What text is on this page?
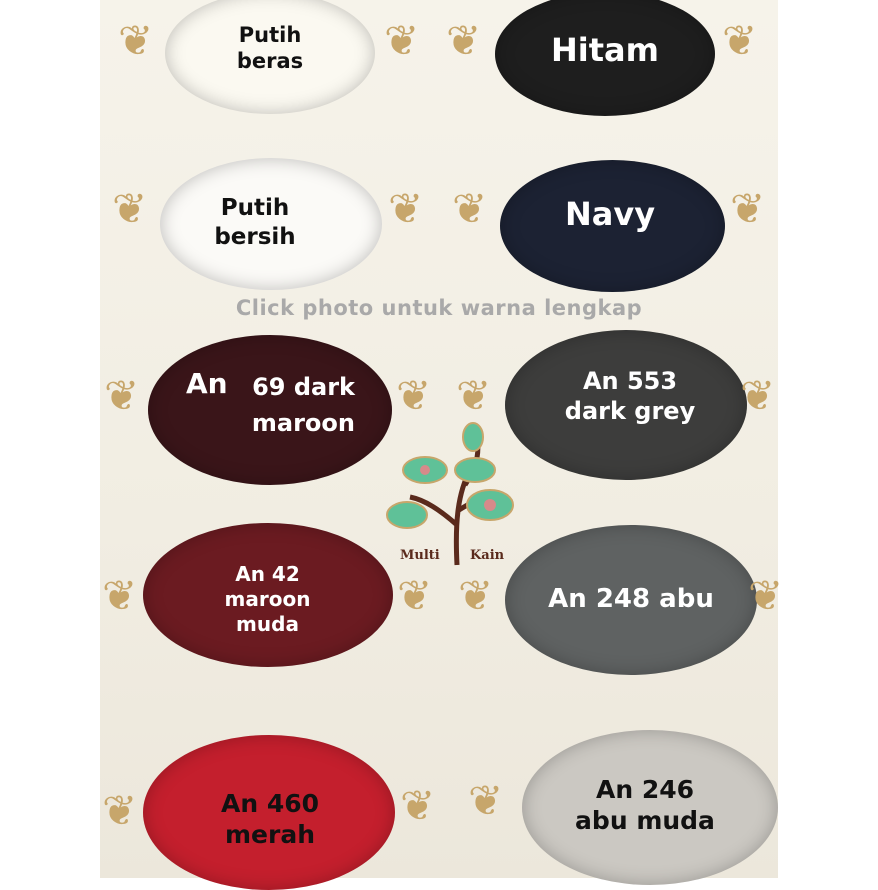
❦	❦ ❦	❦
❦	❦ ❦	❦
❦	❦ ❦	❦
❦	❦ ❦	❦
❦	❦ ❦
Putih
beras	Hitam
Putih
bersih
Navy
Click photo untuk warna lengkap
An	69 dark
maroon
An 553
dark grey
Multi Kain
An 42
maroon
muda
An 248 abu
An 460
merah
An 246
abu muda
